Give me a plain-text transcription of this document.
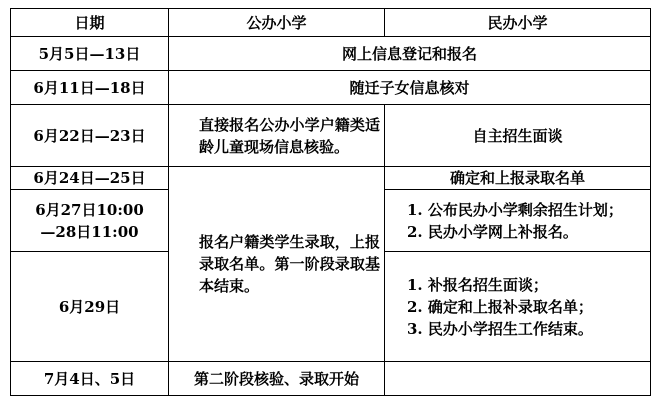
日期	公办小学	民办小学
5月5日—13日	网上信息登记和报名	
6月11日—18日	随迁子女信息核对	
6月22日—23日	直接报名公办小学户籍类适龄儿童现场信息核验。	自主招生面谈
6月24日—25日	报名户籍类学生录取，上报录取名单。第一阶段录取基本结束。	确定和上报录取名单

6月27日10:00
—28日11:00		1. 公布民办小学剩余招生计划；
2. 民办小学网上补报名。

6月29日		1. 补报名招生面谈；
2. 确定和上报补录取名单；
3. 民办小学招生工作结束。

7月4日、5日	第二阶段核验、录取开始	
